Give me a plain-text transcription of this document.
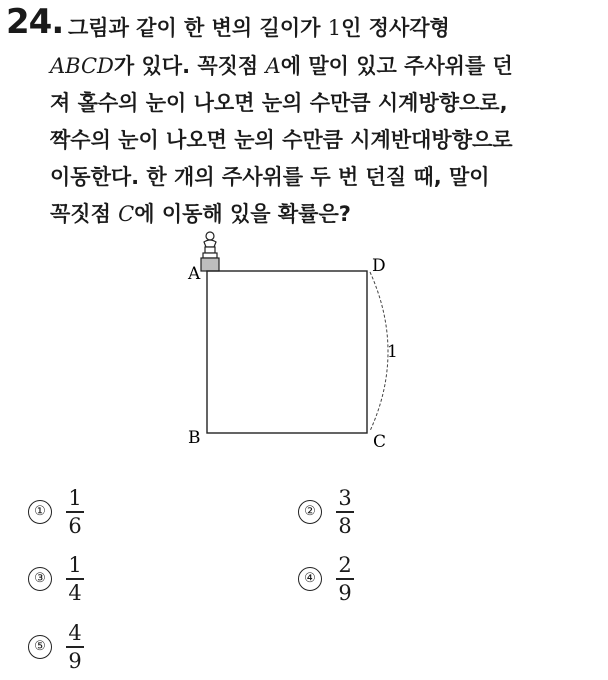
24. 그림과 같이 한 변의 길이가 1인 정사각형
ABCD가 있다. 꼭짓점 A에 말이 있고 주사위를 던
져 홀수의 눈이 나오면 눈의 수만큼 시계방향으로,
짝수의 눈이 나오면 눈의 수만큼 시계반대방향으로
이동한다. 한 개의 주사위를 두 번 던질 때, 말이
꼭짓점 C에 이동해 있을 확률은?
1
A	D
B	C
① $\frac{1}{6}$	② $\frac{3}{8}$
③ $\frac{1}{4}$	④ $\frac{2}{9}$
⑤ $\frac{4}{9}$
